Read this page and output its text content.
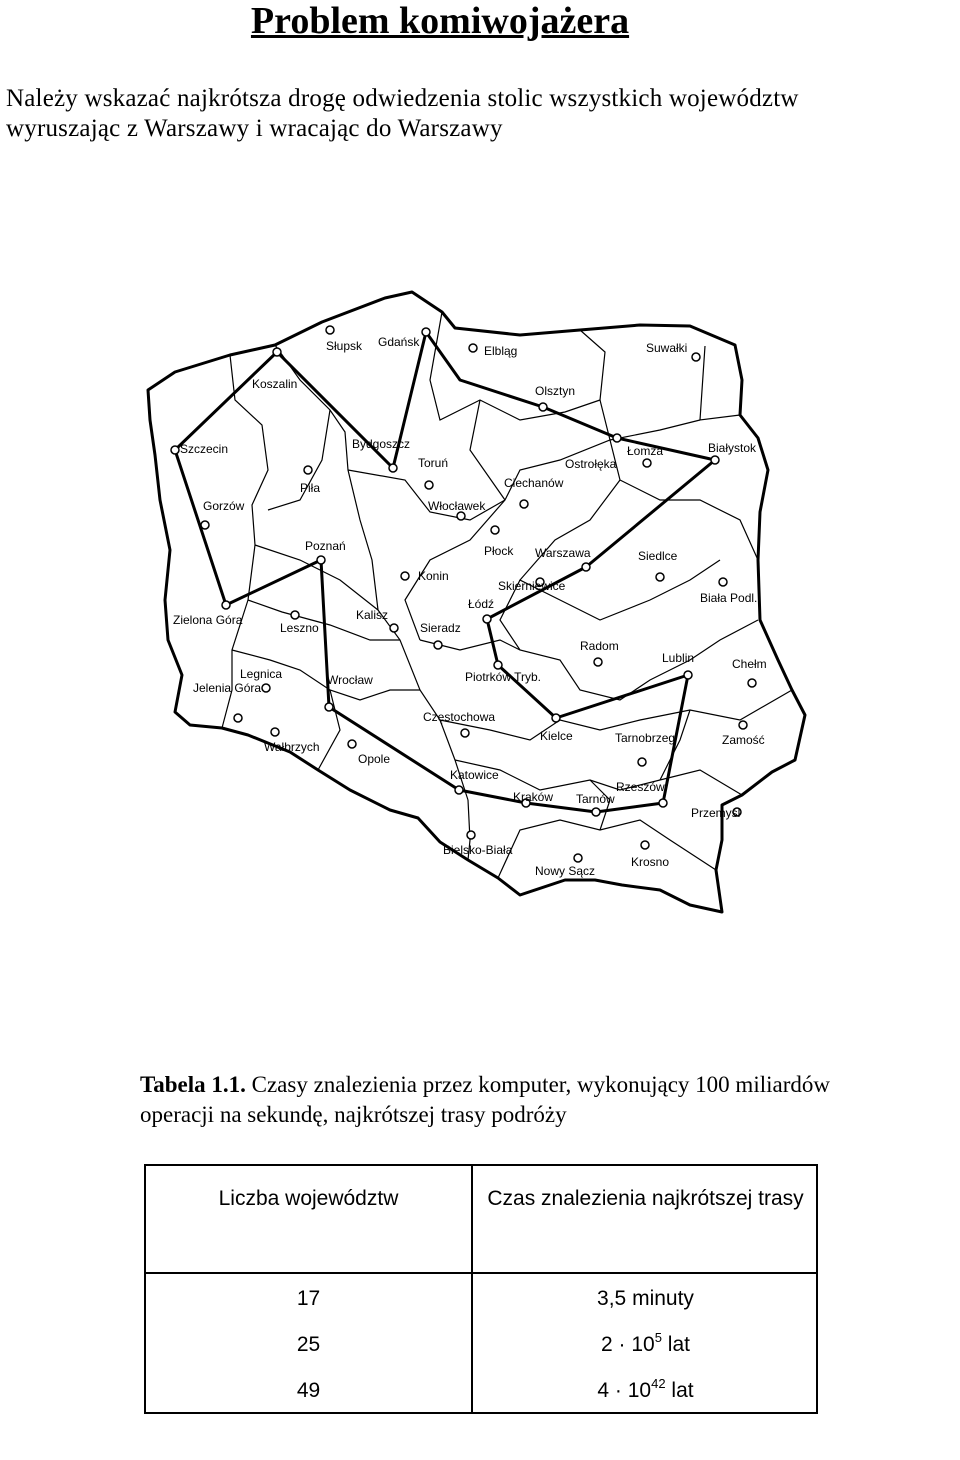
Problem komiwojażera
Należy wskazać najkrótsza drogę odwiedzenia stolic wszystkich województw
wyruszając z Warszawy i wracając do Warszawy
Słupsk Gdańsk
Elbląg	Suwałki
Koszalin	Olsztyn
Szczecin	Bydgoszcz
Toruń
Łomża
Ostrołęka
Białystok
Piła	Ciechanów
Gorzów	Włocławek
Poznań	Płock Warszawa	Siedlce
Konin
Skierniewice
Zielona Góra
Leszno
Kalisz
Łódź
Sieradz
Biała Podl.
Radom
Lublin	Chełm
Legnica
Jelenia Góra
Wrocław	Piotrków Tryb.
Częstochowa
Kielce	Tarnobrzeg	Zamość
Wałbrzych
Opole
Katowice
Kraków Tarnów
Rzeszów
Przemyśl
Bielsko-Biała
Nowy Sącz
Krosno
Tabela 1.1. Czasy znalezienia przez komputer, wykonujący 100 miliardów operacji na sekundę, najkrótszej trasy podróży
Liczba województw	Czas znalezienia najkrótszej trasy
17	3,5 minuty
25	$2 \cdot 10^5$ lat
49	$4 \cdot 10^{42}$ lat
